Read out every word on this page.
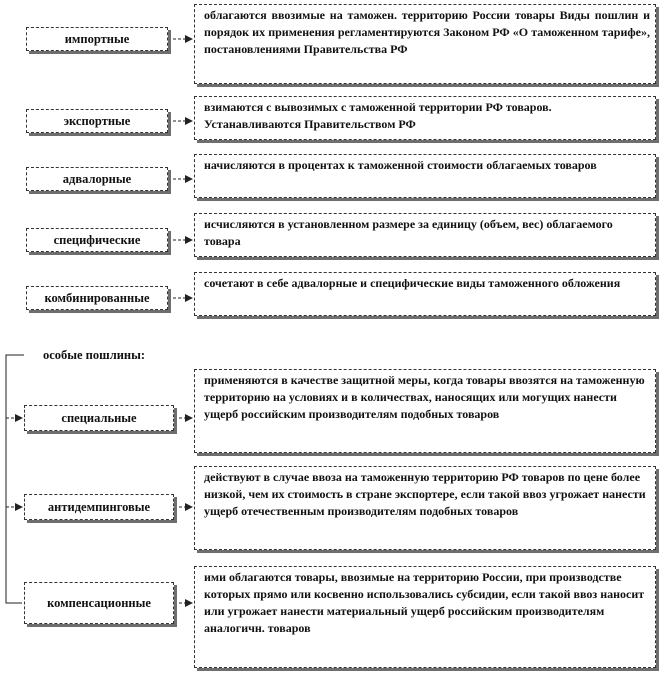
импортные
экспортные
адвалорные
специфические
комбинированные
особые пошлины:
специальные
антидемпинговые
компенсационные
облагаются ввозимые на таможен. территорию России товары Виды пошлин и порядок их применения регламентируются Законом РФ «О таможенном тарифе», постановлениями Правительства РФ
взимаются с вывозимых с таможенной территории РФ товаров. Устанавливаются Правительством РФ
начисляются в процентах к таможенной стоимости облагаемых товаров
исчисляются в установленном размере за единицу (объем, вес) облагаемого товара
сочетают в себе адвалорные и специфические виды таможенного обложения
применяются в качестве защитной меры, когда товары ввозятся на таможенную территорию на условиях и в количествах, наносящих или могущих нанести ущерб российским производителям подобных товаров
действуют в случае ввоза на таможенную территорию РФ товаров по цене более низкой, чем их стоимость в стране экспортере, если такой ввоз угрожает нанести ущерб отечественным производителям подобных товаров
ими облагаются товары, ввозимые на территорию России, при производстве которых прямо или косвенно использовались субсидии, если такой ввоз наносит или угрожает нанести материальный ущерб российским производителям аналогичн. товаров
